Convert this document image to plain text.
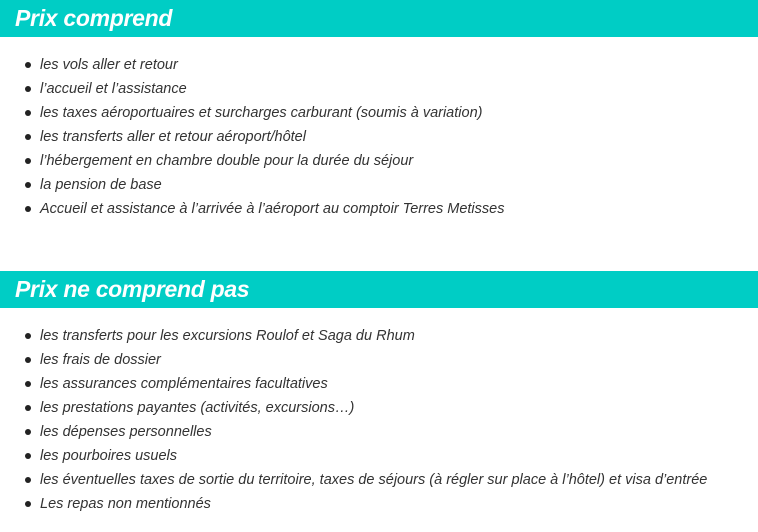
Prix comprend
les vols aller et retour
l’accueil et l’assistance
les taxes aéroportuaires et surcharges carburant (soumis à variation)
les transferts aller et retour aéroport/hôtel
l’hébergement en chambre double pour la durée du séjour
la pension de base
Accueil et assistance à l’arrivée à l’aéroport au comptoir Terres Metisses
Prix ne comprend pas
les transferts pour les excursions Roulof et Saga du Rhum
les frais de dossier
les assurances complémentaires facultatives
les prestations payantes (activités, excursions…)
les dépenses personnelles
les pourboires usuels
les éventuelles taxes de sortie du territoire, taxes de séjours (à régler sur place à l’hôtel) et visa d’entrée
Les repas non mentionnés
